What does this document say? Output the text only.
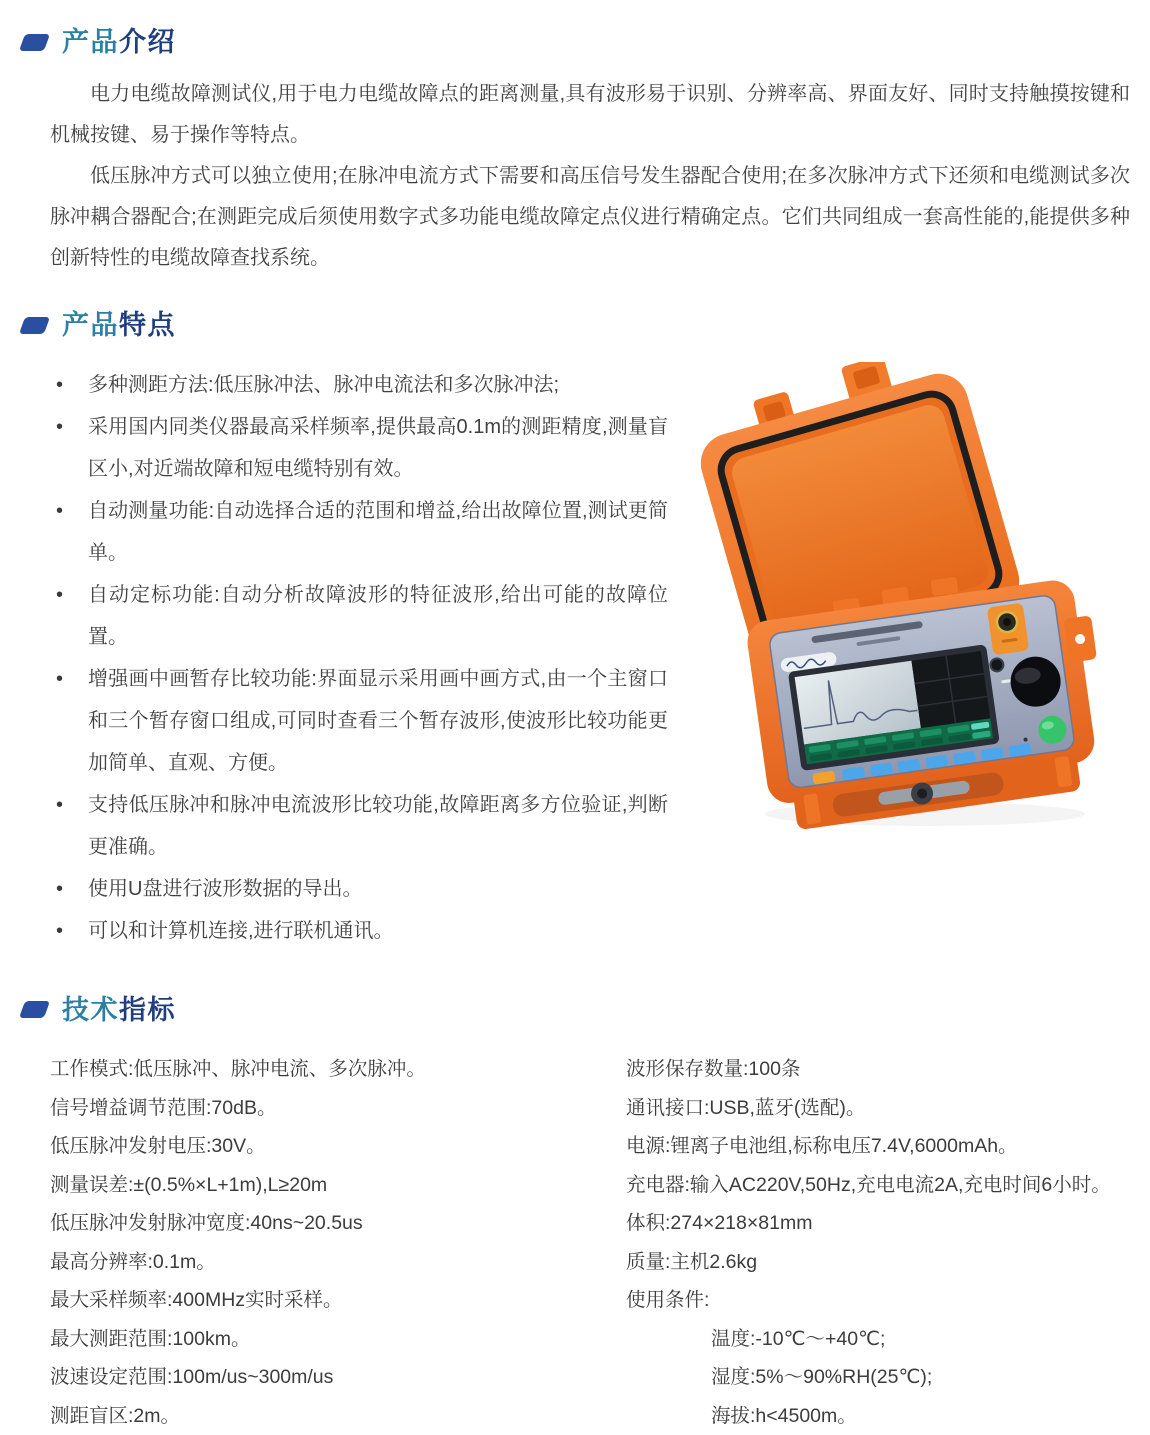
产品介绍

电力电缆故障测试仪,用于电力电缆故障点的距离测量,具有波形易于识别、分辨率高、界面友好、同时支持触摸按键和机械按键、易于操作等特点。

低压脉冲方式可以独立使用;在脉冲电流方式下需要和高压信号发生器配合使用;在多次脉冲方式下还须和电缆测试多次脉冲耦合器配合;在测距完成后须使用数字式多功能电缆故障定点仪进行精确定点。它们共同组成一套高性能的,能提供多种创新特性的电缆故障查找系统。

产品特点
• 多种测距方法:低压脉冲法、脉冲电流法和多次脉冲法;
• 采用国内同类仪器最高采样频率,提供最高0.1m的测距精度,测量盲区小,对近端故障和短电缆特别有效。
• 自动测量功能:自动选择合适的范围和增益,给出故障位置,测试更简单。
• 自动定标功能:自动分析故障波形的特征波形,给出可能的故障位置。
• 增强画中画暂存比较功能:界面显示采用画中画方式,由一个主窗口和三个暂存窗口组成,可同时查看三个暂存波形,使波形比较功能更加简单、直观、方便。
• 支持低压脉冲和脉冲电流波形比较功能,故障距离多方位验证,判断更准确。
• 使用U盘进行波形数据的导出。
• 可以和计算机连接,进行联机通讯。
技术指标
工作模式:低压脉冲、脉冲电流、多次脉冲。
信号增益调节范围:70dB。
低压脉冲发射电压:30V。
测量误差:±(0.5%×L+1m),L≥20m
低压脉冲发射脉冲宽度:40ns~20.5us
最高分辨率:0.1m。
最大采样频率:400MHz实时采样。
最大测距范围:100km。
波速设定范围:100m/us~300m/us
测距盲区:2m。
波形保存数量:100条
通讯接口:USB,蓝牙(选配)。
电源:锂离子电池组,标称电压7.4V,6000mAh。
充电器:输入AC220V,50Hz,充电电流2A,充电时间6小时。
体积:274×218×81mm
质量:主机2.6kg
使用条件:
温度:-10℃～+40℃;
湿度:5%～90%RH(25℃);
海拔:h<4500m。
